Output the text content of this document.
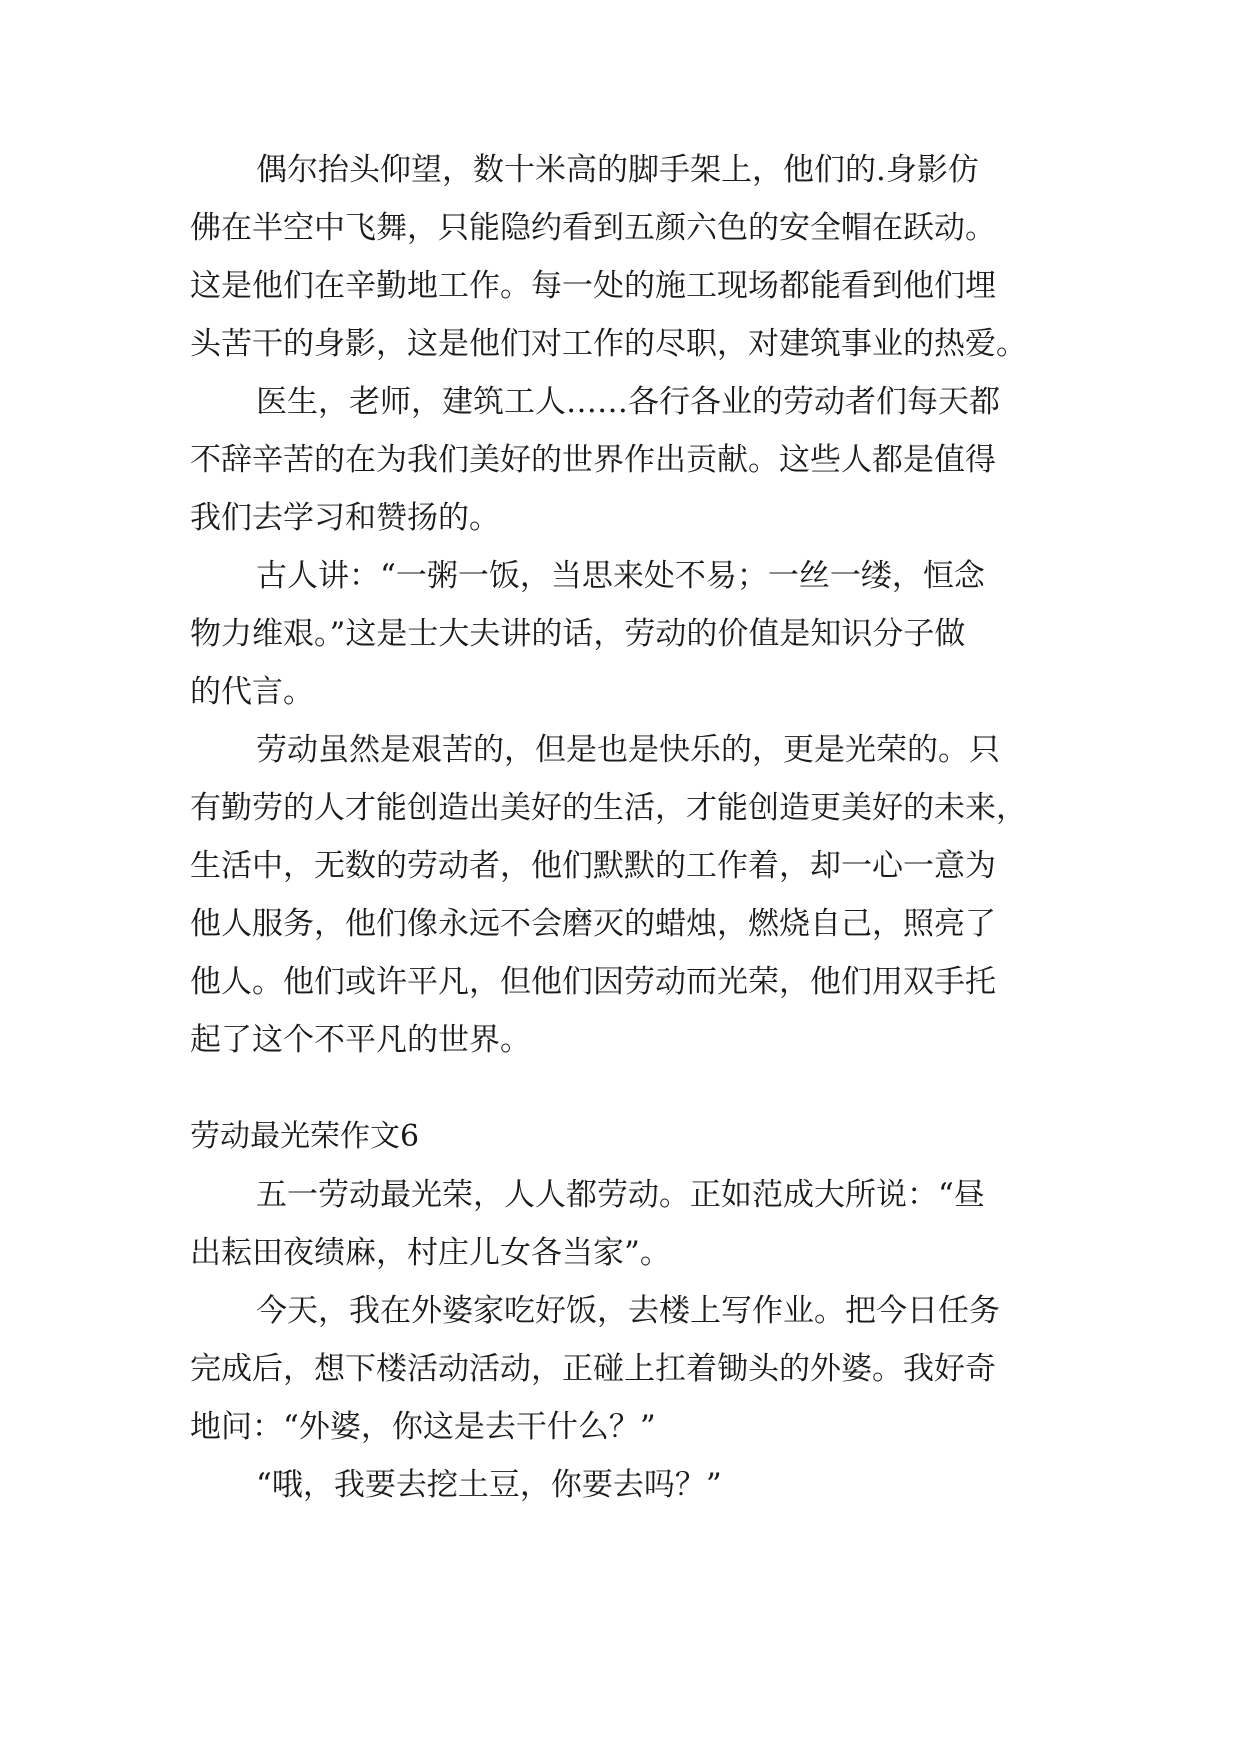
偶尔抬头仰望，数十米高的脚手架上，他们的.身影仿
佛在半空中飞舞，只能隐约看到五颜六色的安全帽在跃动。
这是他们在辛勤地工作。每一处的施工现场都能看到他们埋
头苦干的身影，这是他们对工作的尽职，对建筑事业的热爱。
医生，老师，建筑工人……各行各业的劳动者们每天都
不辞辛苦的在为我们美好的世界作出贡献。这些人都是值得
我们去学习和赞扬的。
古人讲：“一粥一饭，当思来处不易；一丝一缕，恒念
物力维艰。”这是士大夫讲的话，劳动的价值是知识分子做
的代言。
劳动虽然是艰苦的，但是也是快乐的，更是光荣的。只
有勤劳的人才能创造出美好的生活，才能创造更美好的未来，
生活中，无数的劳动者，他们默默的工作着，却一心一意为
他人服务，他们像永远不会磨灭的蜡烛，燃烧自己，照亮了
他人。他们或许平凡，但他们因劳动而光荣，他们用双手托
起了这个不平凡的世界。
劳动最光荣作文6
五一劳动最光荣，人人都劳动。正如范成大所说：“昼
出耘田夜绩麻，村庄儿女各当家”。
今天，我在外婆家吃好饭，去楼上写作业。把今日任务
完成后，想下楼活动活动，正碰上扛着锄头的外婆。我好奇
地问：“外婆，你这是去干什么？”
“哦，我要去挖土豆，你要去吗？”
